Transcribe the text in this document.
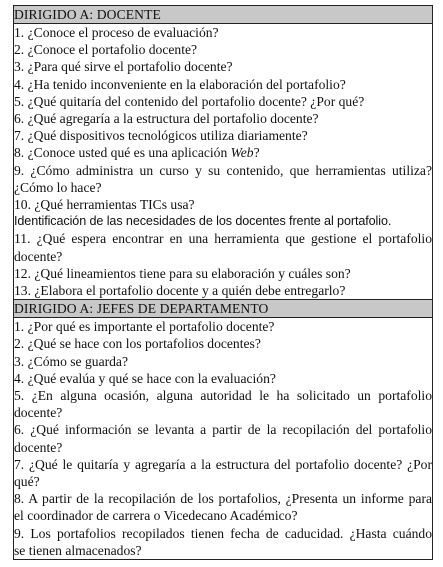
DIRIGIDO A: DOCENTE

1. ¿Conoce el proceso de evaluación?

2. ¿Conoce el portafolio docente?

3. ¿Para qué sirve el portafolio docente?

4. ¿Ha tenido inconveniente en la elaboración del portafolio?

5. ¿Qué quitaría del contenido del portafolio docente? ¿Por qué?

6. ¿Qué agregaría a la estructura del portafolio docente?

7. ¿Qué dispositivos tecnológicos utiliza diariamente?

8. ¿Conoce usted qué es una aplicación Web?

9. ¿Cómo administra un curso y su contenido, que herramientas utiliza?
¿Cómo lo hace?

10. ¿Qué herramientas TICs usa?

Identificación de las necesidades de los docentes frente al portafolio.

11. ¿Qué espera encontrar en una herramienta que gestione el portafolio
docente?

12. ¿Qué lineamientos tiene para su elaboración y cuáles son?

13. ¿Elabora el portafolio docente y a quién debe entregarlo?

DIRIGIDO A: JEFES DE DEPARTAMENTO

1. ¿Por qué es importante el portafolio docente?

2. ¿Qué se hace con los portafolios docentes?

3. ¿Cómo se guarda?

4. ¿Qué evalúa y qué se hace con la evaluación?

5. ¿En alguna ocasión, alguna autoridad le ha solicitado un portafolio
docente?

6. ¿Qué información se levanta a partir de la recopilación del portafolio
docente?

7. ¿Qué le quitaría y agregaría a la estructura del portafolio docente? ¿Por
qué?

8. A partir de la recopilación de los portafolios, ¿Presenta un informe para
el coordinador de carrera o Vicedecano Académico?

9. Los portafolios recopilados tienen fecha de caducidad. ¿Hasta cuándo
se tienen almacenados?
